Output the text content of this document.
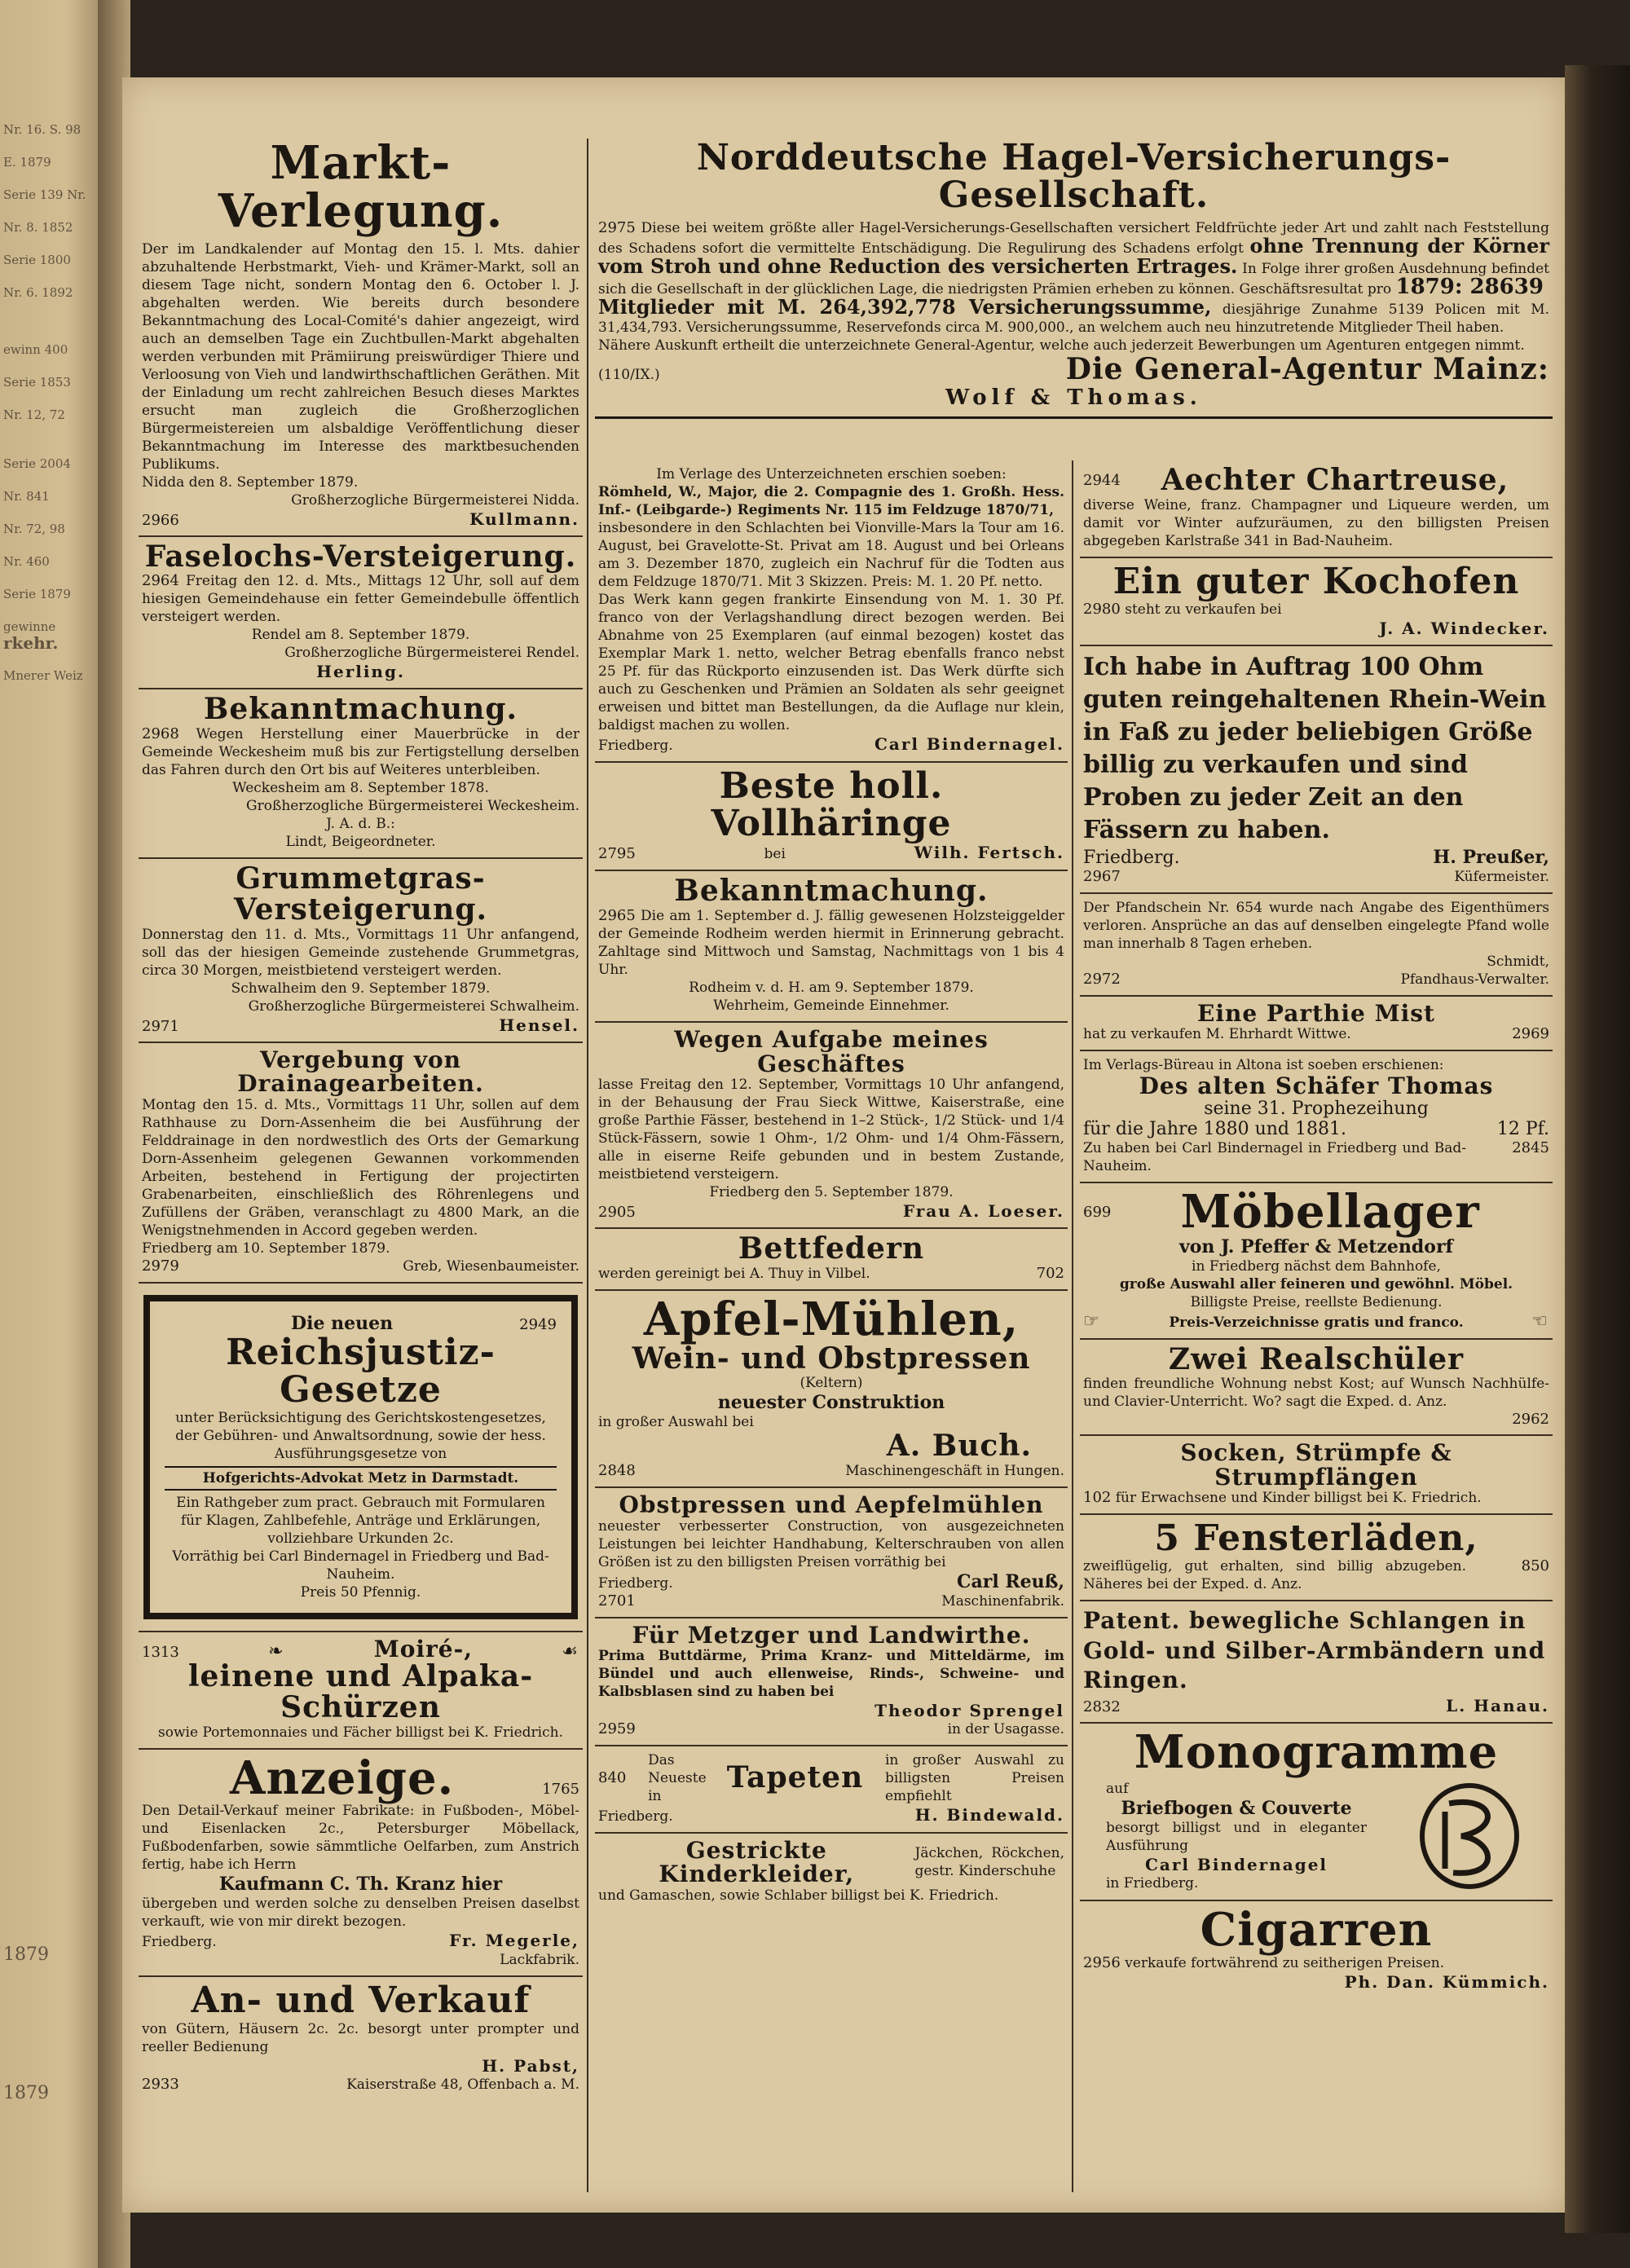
Nr. 16. S. 98
E. 1879
Serie 139 Nr.
Nr. 8. 1852
Serie 1800
Nr. 6. 1892
ewinn 400
Serie 1853
Nr. 12, 72
Serie 2004
Nr. 841
Nr. 72, 98
Nr. 460
Serie 1879
gewinne
rkehr.
Mnerer Weiz
1879
1879
Markt-Verlegung.

Der im Landkalender auf Montag den 15. l. Mts. dahier abzuhaltende Herbstmarkt, Vieh- und Krämer-Markt, soll an diesem Tage nicht, sondern Montag den 6. October l. J. abgehalten werden. Wie bereits durch besondere Bekanntmachung des Local-Comité's dahier angezeigt, wird auch an demselben Tage ein Zuchtbullen-Markt abgehalten werden verbunden mit Prämiirung preiswürdiger Thiere und Verloosung von Vieh und landwirthschaftlichen Geräthen. Mit der Einladung um recht zahlreichen Besuch dieses Marktes ersucht man zugleich die Großherzoglichen Bürgermeistereien um alsbaldige Veröffentlichung dieser Bekanntmachung im Interesse des marktbesuchenden Publikums.

Nidda den 8. September 1879.
Großherzogliche Bürgermeisterei Nidda.
2966	Kullmann.
Faselochs-Versteigerung.

2964 Freitag den 12. d. Mts., Mittags 12 Uhr, soll auf dem hiesigen Gemeindehause ein fetter Gemeindebulle öffentlich versteigert werden.

Rendel am 8. September 1879.
Großherzogliche Bürgermeisterei Rendel.
Herling.
Bekanntmachung.

2968 Wegen Herstellung einer Mauerbrücke in der Gemeinde Weckesheim muß bis zur Fertigstellung derselben das Fahren durch den Ort bis auf Weiteres unterbleiben.

Weckesheim am 8. September 1878.
Großherzogliche Bürgermeisterei Weckesheim.
J. A. d. B.:
Lindt, Beigeordneter.
Grummetgras-Versteigerung.

Donnerstag den 11. d. Mts., Vormittags 11 Uhr anfangend, soll das der hiesigen Gemeinde zustehende Grummetgras, circa 30 Morgen, meistbietend versteigert werden.

Schwalheim den 9. September 1879.
Großherzogliche Bürgermeisterei Schwalheim.
2971	Hensel.
Vergebung von Drainagearbeiten.

Montag den 15. d. Mts., Vormittags 11 Uhr, sollen auf dem Rathhause zu Dorn-Assenheim die bei Ausführung der Felddrainage in den nordwestlich des Orts der Gemarkung Dorn-Assenheim gelegenen Gewannen vorkommenden Arbeiten, bestehend in Fertigung der projectirten Grabenarbeiten, einschließlich des Röhrenlegens und Zufüllens der Gräben, veranschlagt zu 4800 Mark, an die Wenigstnehmenden in Accord gegeben werden.

Friedberg am 10. September 1879.
2979	Greb, Wiesenbaumeister.
Die neuen	2949
Reichsjustiz-
Gesetze

unter Berücksichtigung des Gerichtskostengesetzes, der Gebühren- und Anwaltsordnung, sowie der hess. Ausführungsgesetze von

Hofgerichts-Advokat Metz in Darmstadt.

Ein Rathgeber zum pract. Gebrauch mit Formularen für Klagen, Zahlbefehle, Anträge und Erklärungen, vollziehbare Urkunden 2c.

Vorräthig bei Carl Bindernagel in Friedberg und Bad-Nauheim.

Preis 50 Pfennig.
1313	❧	Moiré-,	☙
leinene und Alpaka-Schürzen
sowie Portemonnaies und Fächer billigst bei K. Friedrich.
Anzeige.	1765

Den Detail-Verkauf meiner Fabrikate: in Fußboden-, Möbel- und Eisenlacken 2c., Petersburger Möbellack, Fußbodenfarben, sowie sämmtliche Oelfarben, zum Anstrich fertig, habe ich Herrn

Kaufmann C. Th. Kranz hier

übergeben und werden solche zu denselben Preisen daselbst verkauft, wie von mir direkt bezogen.

Friedberg.	Fr. Megerle,
Lackfabrik.
An- und Verkauf

von Gütern, Häusern 2c. 2c. besorgt unter prompter und reeller Bedienung

H. Pabst,
2933	Kaiserstraße 48, Offenbach a. M.
Norddeutsche Hagel-Versicherungs-Gesellschaft.

2975 Diese bei weitem größte aller Hagel-Versicherungs-Gesellschaften versichert Feldfrüchte jeder Art und zahlt nach Feststellung des Schadens sofort die vermittelte Entschädigung. Die Regulirung des Schadens erfolgt ohne Trennung der Körner vom Stroh und ohne Reduction des versicherten Ertrages. In Folge ihrer großen Ausdehnung befindet sich die Gesellschaft in der glücklichen Lage, die niedrigsten Prämien erheben zu können. Geschäftsresultat pro 1879: 28639

Mitglieder mit M. 264,392,778 Versicherungssumme, diesjährige Zunahme 5139 Policen mit M. 31,434,793. Versicherungssumme, Reservefonds circa M. 900,000., an welchem auch neu hinzutretende Mitglieder Theil haben.

Nähere Auskunft ertheilt die unterzeichnete General-Agentur, welche auch jederzeit Bewerbungen um Agenturen entgegen nimmt.

(110/IX.)	Die General-Agentur Mainz:
Wolf & Thomas.
Im Verlage des Unterzeichneten erschien soeben:

Römheld, W., Major, die 2. Compagnie des 1. Großh. Hess. Inf.- (Leibgarde-) Regiments Nr. 115 im Feldzuge 1870/71,

insbesondere in den Schlachten bei Vionville-Mars la Tour am 16. August, bei Gravelotte-St. Privat am 18. August und bei Orleans am 3. Dezember 1870, zugleich ein Nachruf für die Todten aus dem Feldzuge 1870/71. Mit 3 Skizzen. Preis: M. 1. 20 Pf. netto.

Das Werk kann gegen frankirte Einsendung von M. 1. 30 Pf. franco von der Verlagshandlung direct bezogen werden. Bei Abnahme von 25 Exemplaren (auf einmal bezogen) kostet das Exemplar Mark 1. netto, welcher Betrag ebenfalls franco nebst 25 Pf. für das Rückporto einzusenden ist. Das Werk dürfte sich auch zu Geschenken und Prämien an Soldaten als sehr geeignet erweisen und bittet man Bestellungen, da die Auflage nur klein, baldigst machen zu wollen.

Friedberg.	Carl Bindernagel.
Beste holl. Vollhäringe
2795	bei	Wilh. Fertsch.
Bekanntmachung.

2965 Die am 1. September d. J. fällig gewesenen Holzsteiggelder der Gemeinde Rodheim werden hiermit in Erinnerung gebracht. Zahltage sind Mittwoch und Samstag, Nachmittags von 1 bis 4 Uhr.

Rodheim v. d. H. am 9. September 1879.
Wehrheim, Gemeinde Einnehmer.
Wegen Aufgabe meines Geschäftes

lasse Freitag den 12. September, Vormittags 10 Uhr anfangend, in der Behausung der Frau Sieck Wittwe, Kaiserstraße, eine große Parthie Fässer, bestehend in 1–2 Stück-, 1/2 Stück- und 1/4 Stück-Fässern, sowie 1 Ohm-, 1/2 Ohm- und 1/4 Ohm-Fässern, alle in eiserne Reife gebunden und in bestem Zustande, meistbietend versteigern.

Friedberg den 5. September 1879.
2905	Frau A. Loeser.
Bettfedern
werden gereinigt bei A. Thuy in Vilbel.	702
Apfel-Mühlen,
Wein- und Obstpressen
(Keltern)
neuester Construktion
in großer Auswahl bei
A. Buch.
2848	Maschinengeschäft in Hungen.
Obstpressen und Aepfelmühlen

neuester verbesserter Construction, von ausgezeichneten Leistungen bei leichter Handhabung, Kelterschrauben von allen Größen ist zu den billigsten Preisen vorräthig bei

Friedberg.	Carl Reuß,
2701	Maschinenfabrik.
Für Metzger und Landwirthe.

Prima Buttdärme, Prima Kranz- und Mitteldärme, im Bündel und auch ellenweise, Rinds-, Schweine- und Kalbsblasen sind zu haben bei

Theodor Sprengel
2959	in der Usagasse.
840
Das Neueste in
Tapeten
in großer Auswahl zu billigsten Preisen empfiehlt
Friedberg.	H. Bindewald.
Gestrickte Kinderkleider,
Jäckchen, Röckchen, gestr. Kinderschuhe
und Gamaschen, sowie Schlaber billigst bei K. Friedrich.
2944 Aechter Chartreuse,

diverse Weine, franz. Champagner und Liqueure werden, um damit vor Winter aufzuräumen, zu den billigsten Preisen abgegeben Karlstraße 341 in Bad-Nauheim.

Ein guter Kochofen
2980 steht zu verkaufen bei
J. A. Windecker.

Ich habe in Auftrag 100 Ohm guten reingehaltenen Rhein-Wein in Faß zu jeder beliebigen Größe billig zu verkaufen und sind Proben zu jeder Zeit an den Fässern zu haben.

Friedberg.	H. Preußer,
2967	Küfermeister.

Der Pfandschein Nr. 654 wurde nach Angabe des Eigenthümers verloren. Ansprüche an das auf denselben eingelegte Pfand wolle man innerhalb 8 Tagen erheben.

Schmidt,
2972	Pfandhaus-Verwalter.
Eine Parthie Mist
hat zu verkaufen M. Ehrhardt Wittwe.	2969
Im Verlags-Büreau in Altona ist soeben erschienen:
Des alten Schäfer Thomas
seine 31. Prophezeihung
für die Jahre 1880 und 1881.	12 Pf.
Zu haben bei Carl Bindernagel in Friedberg und Bad-Nauheim.
2845
699 Möbellager
von J. Pfeffer & Metzendorf
in Friedberg nächst dem Bahnhofe,
große Auswahl aller feineren und gewöhnl. Möbel.
Billigste Preise, reellste Bedienung.
☞	Preis-Verzeichnisse gratis und franco.	☜
Zwei Realschüler

finden freundliche Wohnung nebst Kost; auf Wunsch Nachhülfe- und Clavier-Unterricht. Wo? sagt die Exped. d. Anz.

2962
Socken, Strümpfe & Strumpflängen
102 für Erwachsene und Kinder billigst bei K. Friedrich.
5 Fensterläden,
zweiflügelig, gut erhalten, sind billig abzugeben. Näheres bei der Exped. d. Anz.
850
Patent. bewegliche Schlangen in Gold- und Silber-Armbändern und Ringen.
2832	L. Hanau.
Monogramme
auf
Briefbogen & Couverte
besorgt billigst und in eleganter Ausführung
Carl Bindernagel
in Friedberg.
Cigarren
2956 verkaufe fortwährend zu seitherigen Preisen.
Ph. Dan. Kümmich.
